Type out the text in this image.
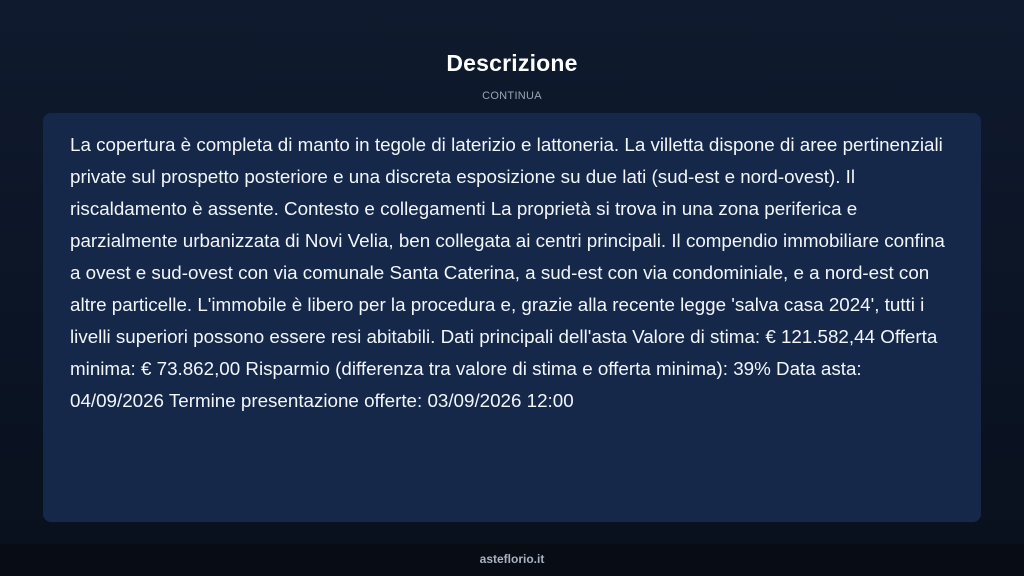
Descrizione
CONTINUA

La copertura è completa di manto in tegole di laterizio e lattoneria. La villetta dispone di aree pertinenziali private sul prospetto posteriore e una discreta esposizione su due lati (sud-est e nord-ovest). Il riscaldamento è assente. Contesto e collegamenti La proprietà si trova in una zona periferica e parzialmente urbanizzata di Novi Velia, ben collegata ai centri principali. Il compendio immobiliare confina a ovest e sud-ovest con via comunale Santa Caterina, a sud-est con via condominiale, e a nord-est con altre particelle. L'immobile è libero per la procedura e, grazie alla recente legge 'salva casa 2024', tutti i livelli superiori possono essere resi abitabili. Dati principali dell'asta Valore di stima: € 121.582,44 Offerta minima: € 73.862,00 Risparmio (differenza tra valore di stima e offerta minima): 39% Data asta: 04/09/2026 Termine presentazione offerte: 03/09/2026 12:00

asteflorio.it
